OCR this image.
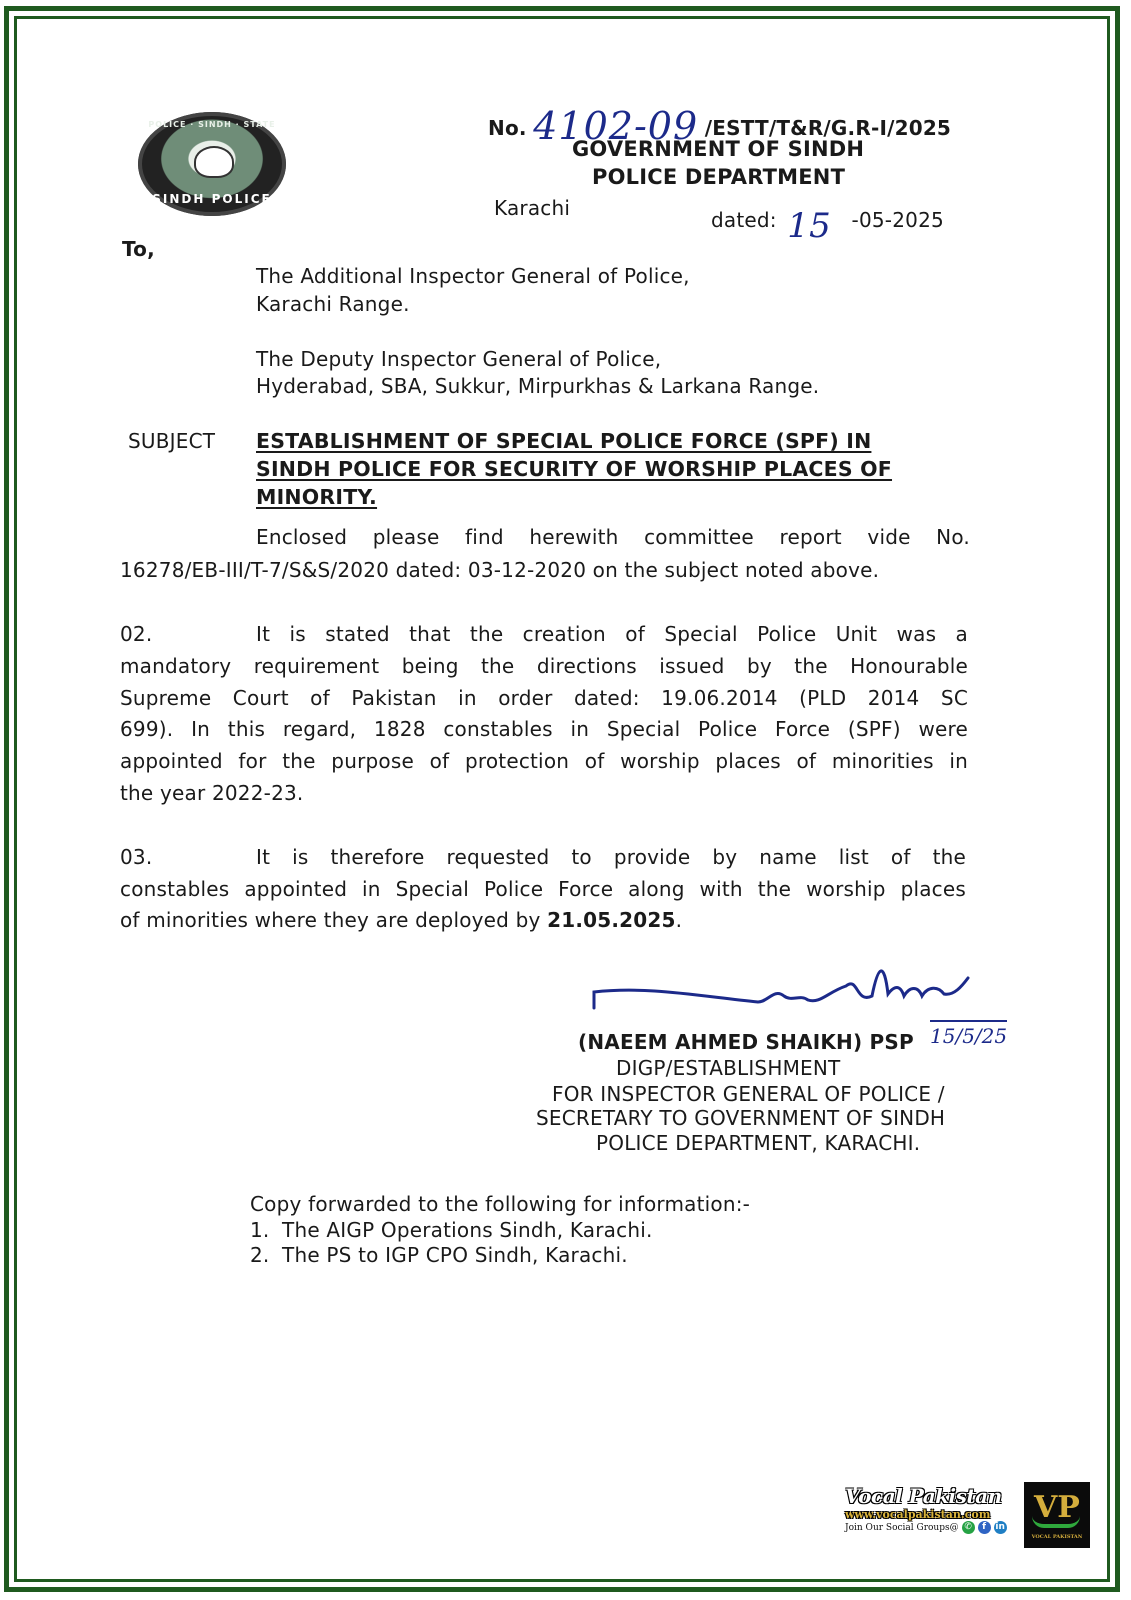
POLICE · SINDH · STATE
SINDH POLICE
No. 4102-09 /ESTT/T&R/G.R-I/2025
GOVERNMENT OF SINDH
POLICE DEPARTMENT
Karachi	dated: 15 -05-2025
To,
The Additional Inspector General of Police,
Karachi Range.
The Deputy Inspector General of Police,
Hyderabad, SBA, Sukkur, Mirpurkhas & Larkana Range.
SUBJECT ESTABLISHMENT OF SPECIAL POLICE FORCE (SPF) IN
SINDH POLICE FOR SECURITY OF WORSHIP PLACES OF
MINORITY.
Enclosed please find herewith committee report vide No.
16278/EB-III/T-7/S&S/2020 dated: 03-12-2020 on the subject noted above.
02.	It is stated that the creation of Special Police Unit was a
mandatory requirement being the directions issued by the Honourable
Supreme Court of Pakistan in order dated: 19.06.2014 (PLD 2014 SC
699). In this regard, 1828 constables in Special Police Force (SPF) were
appointed for the purpose of protection of worship places of minorities in
the year 2022-23.
03.	It is therefore requested to provide by name list of the
constables appointed in Special Police Force along with the worship places
of minorities where they are deployed by 21.05.2025.
(NAEEM AHMED SHAIKH) PSP 15/5/25
DIGP/ESTABLISHMENT
FOR INSPECTOR GENERAL OF POLICE /
SECRETARY TO GOVERNMENT OF SINDH
POLICE DEPARTMENT, KARACHI.
Copy forwarded to the following for information:-
1. The AIGP Operations Sindh, Karachi.
2. The PS to IGP CPO Sindh, Karachi.
Vocal Pakistan
www.vocalpakistan.com
Join Our Social Groups@ ✆	f	in
VP
VOCAL PAKISTAN
